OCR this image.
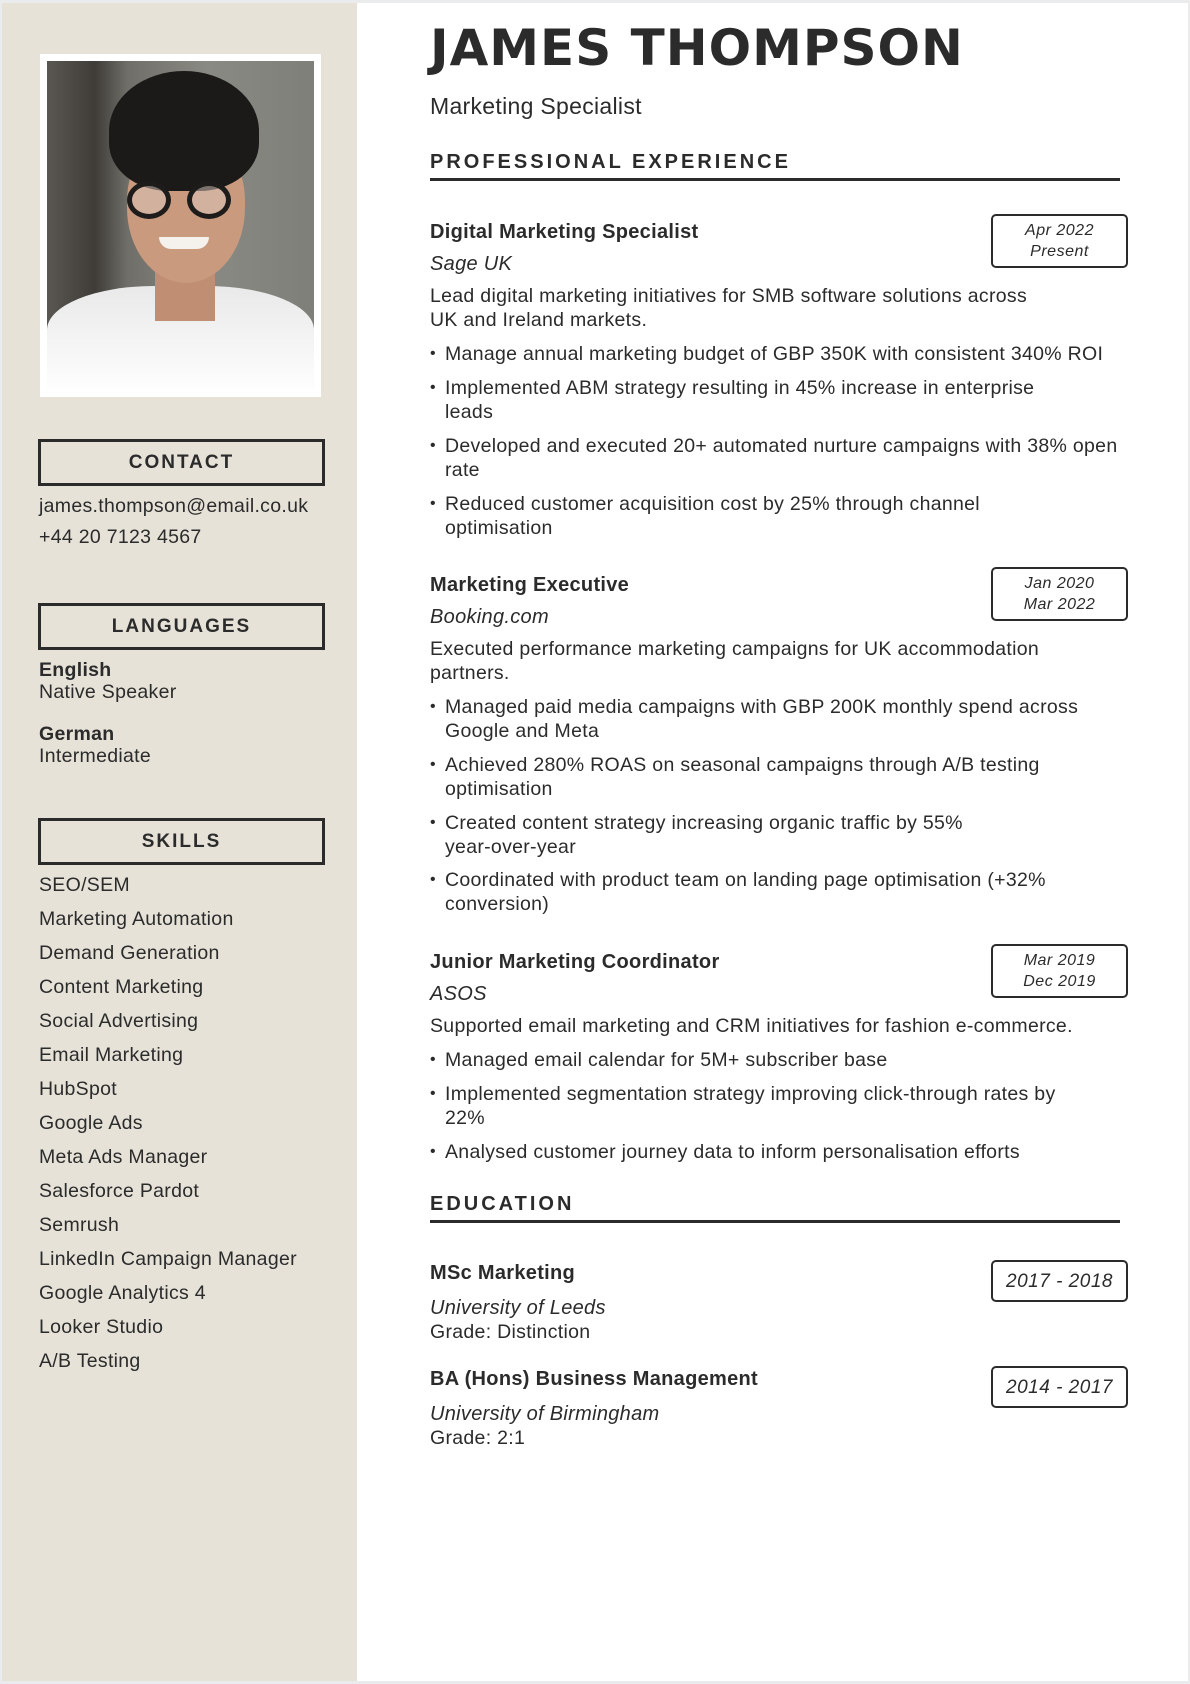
CONTACT
james.thompson@email.co.uk
+44 20 7123 4567
LANGUAGES
English
Native Speaker
German
Intermediate
SKILLS
SEO/SEM
Marketing Automation
Demand Generation
Content Marketing
Social Advertising
Email Marketing
HubSpot
Google Ads
Meta Ads Manager
Salesforce Pardot
Semrush
LinkedIn Campaign Manager
Google Analytics 4
Looker Studio
A/B Testing
JAMES THOMPSON
Marketing Specialist
PROFESSIONAL EXPERIENCE
Digital Marketing Specialist
Sage UK
Apr 2022
Present
Lead digital marketing initiatives for SMB software solutions across
UK and Ireland markets.
• Manage annual marketing budget of GBP 350K with consistent 340% ROI
• Implemented ABM strategy resulting in 45% increase in enterprise
leads
• Developed and executed 20+ automated nurture campaigns with 38% open
rate
• Reduced customer acquisition cost by 25% through channel
optimisation
Marketing Executive
Booking.com
Jan 2020
Mar 2022
Executed performance marketing campaigns for UK accommodation
partners.
• Managed paid media campaigns with GBP 200K monthly spend across
Google and Meta
• Achieved 280% ROAS on seasonal campaigns through A/B testing
optimisation
• Created content strategy increasing organic traffic by 55%
year-over-year
• Coordinated with product team on landing page optimisation (+32%
conversion)
Junior Marketing Coordinator
ASOS
Mar 2019
Dec 2019
Supported email marketing and CRM initiatives for fashion e-commerce.
• Managed email calendar for 5M+ subscriber base
• Implemented segmentation strategy improving click-through rates by
22%
• Analysed customer journey data to inform personalisation efforts
EDUCATION
MSc Marketing
University of Leeds
Grade: Distinction
2017 - 2018
BA (Hons) Business Management
University of Birmingham
Grade: 2:1
2014 - 2017
